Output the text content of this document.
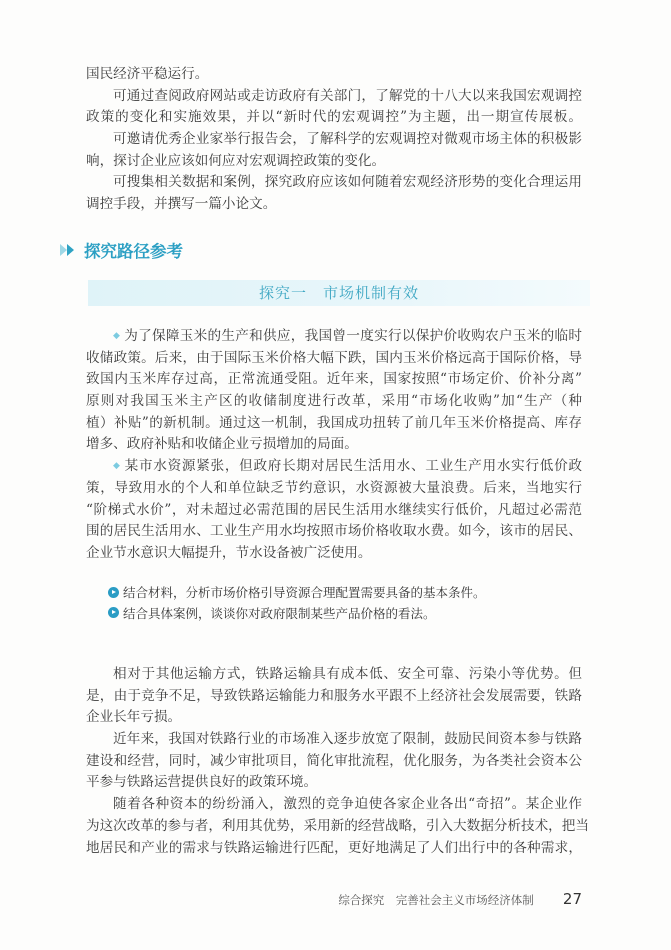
国民经济平稳运行。
可通过查阅政府网站或走访政府有关部门，了解党的十八大以来我国宏观调控
政策的变化和实施效果，并以“新时代的宏观调控”为主题，出一期宣传展板。
可邀请优秀企业家举行报告会，了解科学的宏观调控对微观市场主体的积极影
响，探讨企业应该如何应对宏观调控政策的变化。
可搜集相关数据和案例，探究政府应该如何随着宏观经济形势的变化合理运用
调控手段，并撰写一篇小论文。
探究路径参考
探究一　市场机制有效
◆ 为了保障玉米的生产和供应，我国曾一度实行以保护价收购农户玉米的临时
收储政策。后来，由于国际玉米价格大幅下跌，国内玉米价格远高于国际价格，导
致国内玉米库存过高，正常流通受阻。近年来，国家按照“市场定价、价补分离”
原则对我国玉米主产区的收储制度进行改革，采用“市场化收购”加“生产（种
植）补贴”的新机制。通过这一机制，我国成功扭转了前几年玉米价格提高、库存
增多、政府补贴和收储企业亏损增加的局面。
◆ 某市水资源紧张，但政府长期对居民生活用水、工业生产用水实行低价政
策，导致用水的个人和单位缺乏节约意识，水资源被大量浪费。后来，当地实行
“阶梯式水价”，对未超过必需范围的居民生活用水继续实行低价，凡超过必需范
围的居民生活用水、工业生产用水均按照市场价格收取水费。如今，该市的居民、
企业节水意识大幅提升，节水设备被广泛使用。
结合材料，分析市场价格引导资源合理配置需要具备的基本条件。
结合具体案例，谈谈你对政府限制某些产品价格的看法。
相对于其他运输方式，铁路运输具有成本低、安全可靠、污染小等优势。但
是，由于竞争不足，导致铁路运输能力和服务水平跟不上经济社会发展需要，铁路
企业长年亏损。
近年来，我国对铁路行业的市场准入逐步放宽了限制，鼓励民间资本参与铁路
建设和经营，同时，减少审批项目，简化审批流程，优化服务，为各类社会资本公
平参与铁路运营提供良好的政策环境。
随着各种资本的纷纷涌入，激烈的竞争迫使各家企业各出“奇招”。某企业作
为这次改革的参与者，利用其优势，采用新的经营战略，引入大数据分析技术，把当
地居民和产业的需求与铁路运输进行匹配，更好地满足了人们出行中的各种需求，
综合探究　完善社会主义市场经济体制 27
